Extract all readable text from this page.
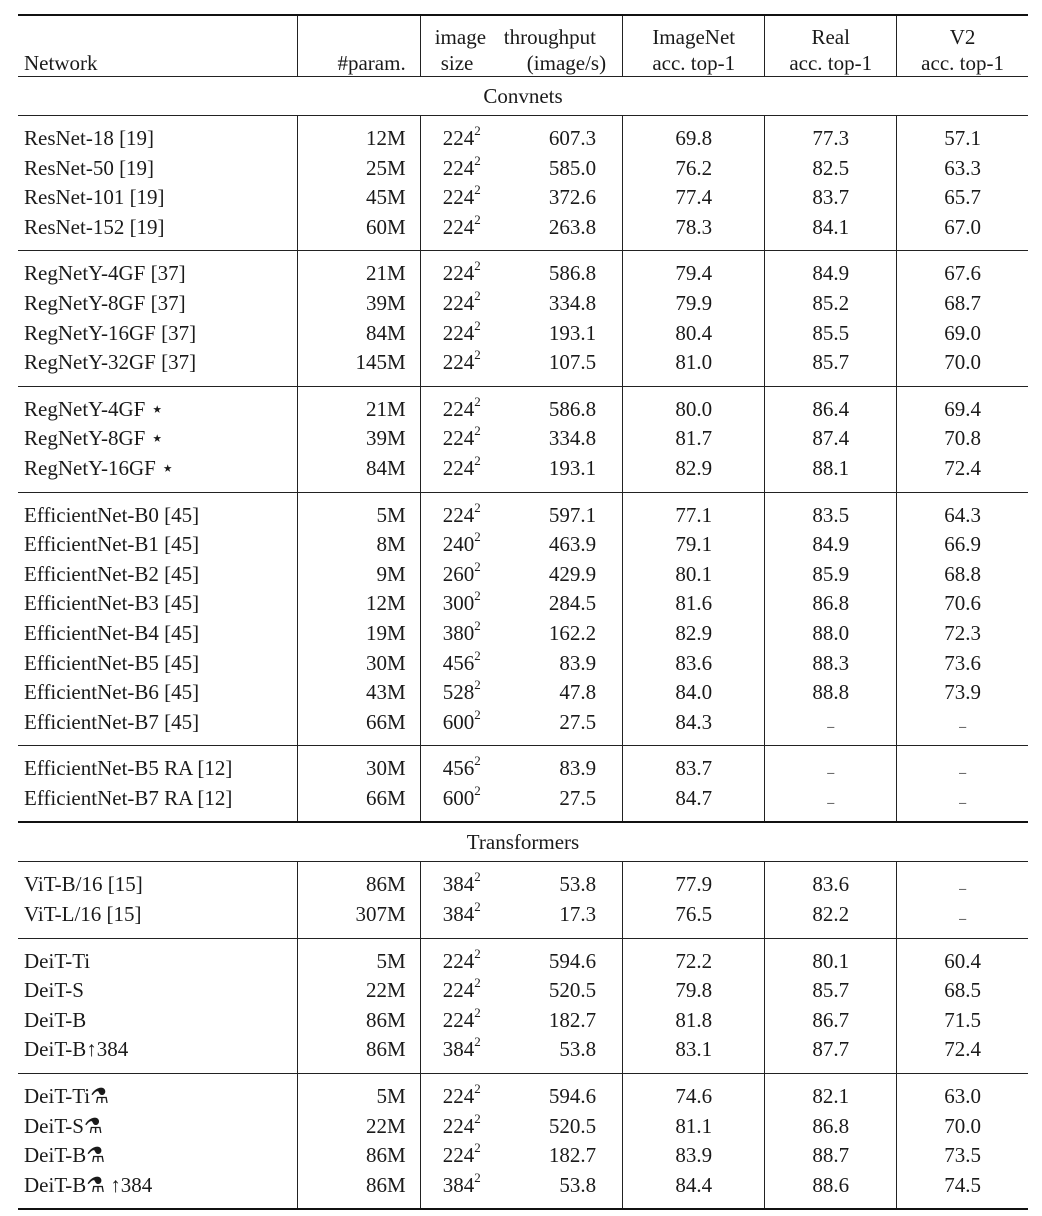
		image	throughput	ImageNet	Real	V2
Network	#param.	size	(image/s)	acc. top-1	acc. top-1	acc. top-1
Convnets						

ResNet-18 [19]	12M	$224^2$	607.3	69.8	77.3	57.1
ResNet-50 [19]	25M	$224^2$	585.0	76.2	82.5	63.3
ResNet-101 [19]	45M	$224^2$	372.6	77.4	83.7	65.7
ResNet-152 [19]	60M	$224^2$	263.8	78.3	84.1	67.0

RegNetY-4GF [37]	21M	$224^2$	586.8	79.4	84.9	67.6
RegNetY-8GF [37]	39M	$224^2$	334.8	79.9	85.2	68.7
RegNetY-16GF [37]	84M	$224^2$	193.1	80.4	85.5	69.0
RegNetY-32GF [37]	145M	$224^2$	107.5	81.0	85.7	70.0

RegNetY-4GF ⋆	21M	$224^2$	586.8	80.0	86.4	69.4
RegNetY-8GF ⋆	39M	$224^2$	334.8	81.7	87.4	70.8
RegNetY-16GF ⋆	84M	$224^2$	193.1	82.9	88.1	72.4

EfficientNet-B0 [45]	5M	$224^2$	597.1	77.1	83.5	64.3
EfficientNet-B1 [45]	8M	$240^2$	463.9	79.1	84.9	66.9
EfficientNet-B2 [45]	9M	$260^2$	429.9	80.1	85.9	68.8
EfficientNet-B3 [45]	12M	$300^2$	284.5	81.6	86.8	70.6
EfficientNet-B4 [45]	19M	$380^2$	162.2	82.9	88.0	72.3
EfficientNet-B5 [45]	30M	$456^2$	83.9	83.6	88.3	73.6
EfficientNet-B6 [45]	43M	$528^2$	47.8	84.0	88.8	73.9
EfficientNet-B7 [45]	66M	$600^2$	27.5	84.3	_	_

EfficientNet-B5 RA [12]	30M	$456^2$	83.9	83.7	_	_
EfficientNet-B7 RA [12]	66M	$600^2$	27.5	84.7	_	_

Transformers						

ViT-B/16 [15]	86M	$384^2$	53.8	77.9	83.6	_
ViT-L/16 [15]	307M	$384^2$	17.3	76.5	82.2	_

DeiT-Ti	5M	$224^2$	594.6	72.2	80.1	60.4
DeiT-S	22M	$224^2$	520.5	79.8	85.7	68.5
DeiT-B	86M	$224^2$	182.7	81.8	86.7	71.5
DeiT-B↑384	86M	$384^2$	53.8	83.1	87.7	72.4

DeiT-Ti⚗	5M	$224^2$	594.6	74.6	82.1	63.0
DeiT-S⚗	22M	$224^2$	520.5	81.1	86.8	70.0
DeiT-B⚗	86M	$224^2$	182.7	83.9	88.7	73.5
DeiT-B⚗ ↑384	86M	$384^2$	53.8	84.4	88.6	74.5
